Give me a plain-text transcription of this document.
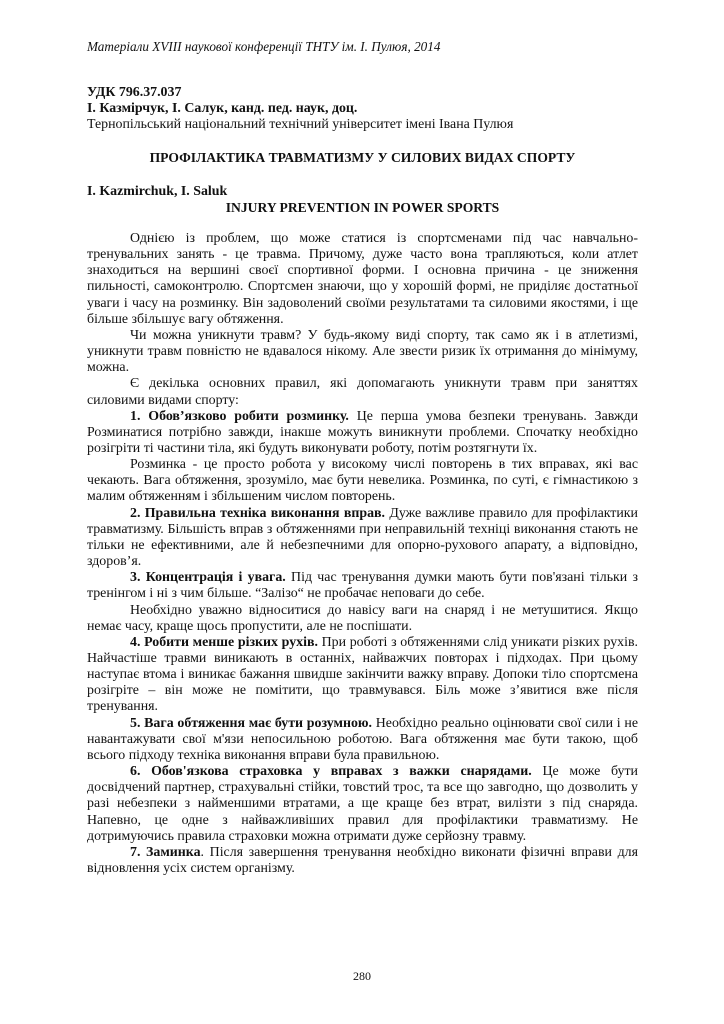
Матеріали XVIII наукової конференції ТНТУ ім. І. Пулюя, 2014

УДК 796.37.037

І. Казмірчук, І. Салук, канд. пед. наук, доц.

Тернопільський національний технічний університет імені Івана Пулюя

ПРОФІЛАКТИКА ТРАВМАТИЗМУ У СИЛОВИХ ВИДАХ СПОРТУ

I. Kazmirchuk, I. Saluk

INJURY PREVENTION IN POWER SPORTS

Однією із проблем, що може статися із спортсменами під час навчально-тренувальних занять - це травма. Причому, дуже часто вона трапляються, коли атлет знаходиться на вершині своєї спортивної форми. І основна причина - це зниження пильності, самоконтролю. Спортсмен знаючи, що у хорошій формі, не приділяє достатньої уваги і часу на розминку. Він задоволений своїми результатами та силовими якостями, і ще більше збільшує вагу обтяження.

Чи можна уникнути травм? У будь-якому виді спорту, так само як і в атлетизмі, уникнути травм повністю не вдавалося нікому. Але звести ризик їх отримання до мінімуму, можна.

Є декілька основних правил, які допомагають уникнути травм при заняттях силовими видами спорту:

1. Обов’язково робити розминку. Це перша умова безпеки тренувань. Завжди Розминатися потрібно завжди, інакше можуть виникнути проблеми. Спочатку необхідно розігріти ті частини тіла, які будуть виконувати роботу, потім розтягнути їх.

Розминка - це просто робота у високому числі повторень в тих вправах, які вас чекають. Вага обтяження, зрозуміло, має бути невелика. Розминка, по суті, є гімнастикою з малим обтяженням і збільшеним числом повторень.

2. Правильна техніка виконання вправ. Дуже важливе правило для профілактики травматизму. Більшість вправ з обтяженнями при неправильній техніці виконання стають не тільки не ефективними, але й небезпечними для опорно-рухового апарату, а відповідно, здоров’я.

3. Концентрація і увага. Під час тренування думки мають бути пов'язані тільки з тренінгом і ні з чим більше. “Залізо“ не пробачає неповаги до себе.

Необхідно уважно відноситися до навісу ваги на снаряд і не метушитися. Якщо немає часу, краще щось пропустити, але не поспішати.

4. Робити менше різких рухів. При роботі з обтяженнями слід уникати різких рухів. Найчастіше травми виникають в останніх, найважчих повторах і підходах. При цьому наступає втома і виникає бажання швидше закінчити важку вправу. Допоки тіло спортсмена розігріте – він може не помітити, що травмувався. Біль може з’явитися вже після тренування.

5. Вага обтяження має бути розумною. Необхідно реально оцінювати свої сили і не навантажувати свої м'язи непосильною роботою. Вага обтяження має бути такою, щоб всього підходу техніка виконання вправи була правильною.

6. Обов'язкова страховка у вправах з важки снарядами. Це може бути досвідчений партнер, страхувальні стійки, товстий трос, та все що завгодно, що дозволить у разі небезпеки з найменшими втратами, а ще краще без втрат, вилізти з під снаряда. Напевно, це одне з найважливіших правил для профілактики травматизму. Не дотримуючись правила страховки можна отримати дуже серйозну травму.

7. Заминка. Після завершення тренування необхідно виконати фізичні вправи для відновлення усіх систем організму.

280
